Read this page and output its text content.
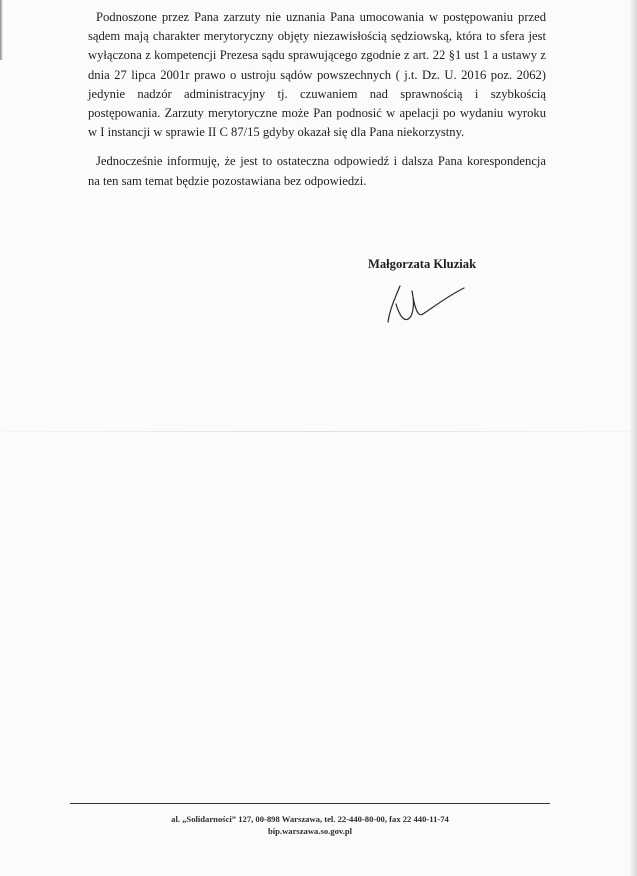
Podnoszone przez Pana zarzuty nie uznania Pana umocowania w postępowaniu przed sądem mają charakter merytoryczny objęty niezawisłością sędziowską, która to sfera jest wyłączona z kompetencji Prezesa sądu sprawującego zgodnie z art. 22 §1 ust 1 a ustawy z dnia 27 lipca 2001r prawo o ustroju sądów powszechnych ( j.t. Dz. U. 2016 poz. 2062) jedynie nadzór administracyjny tj. czuwaniem nad sprawnością i szybkością postępowania. Zarzuty merytoryczne może Pan podnosić w apelacji po wydaniu wyroku w I instancji w sprawie II C 87/15 gdyby okazał się dla Pana niekorzystny.

Jednocześnie informuję, że jest to ostateczna odpowiedź i dalsza Pana korespondencja na ten sam temat będzie pozostawiana bez odpowiedzi.

Małgorzata Kluziak
al. „Solidarności” 127, 00-898 Warszawa, tel. 22-440-80-00, fax 22 440-11-74
bip.warszawa.so.gov.pl
